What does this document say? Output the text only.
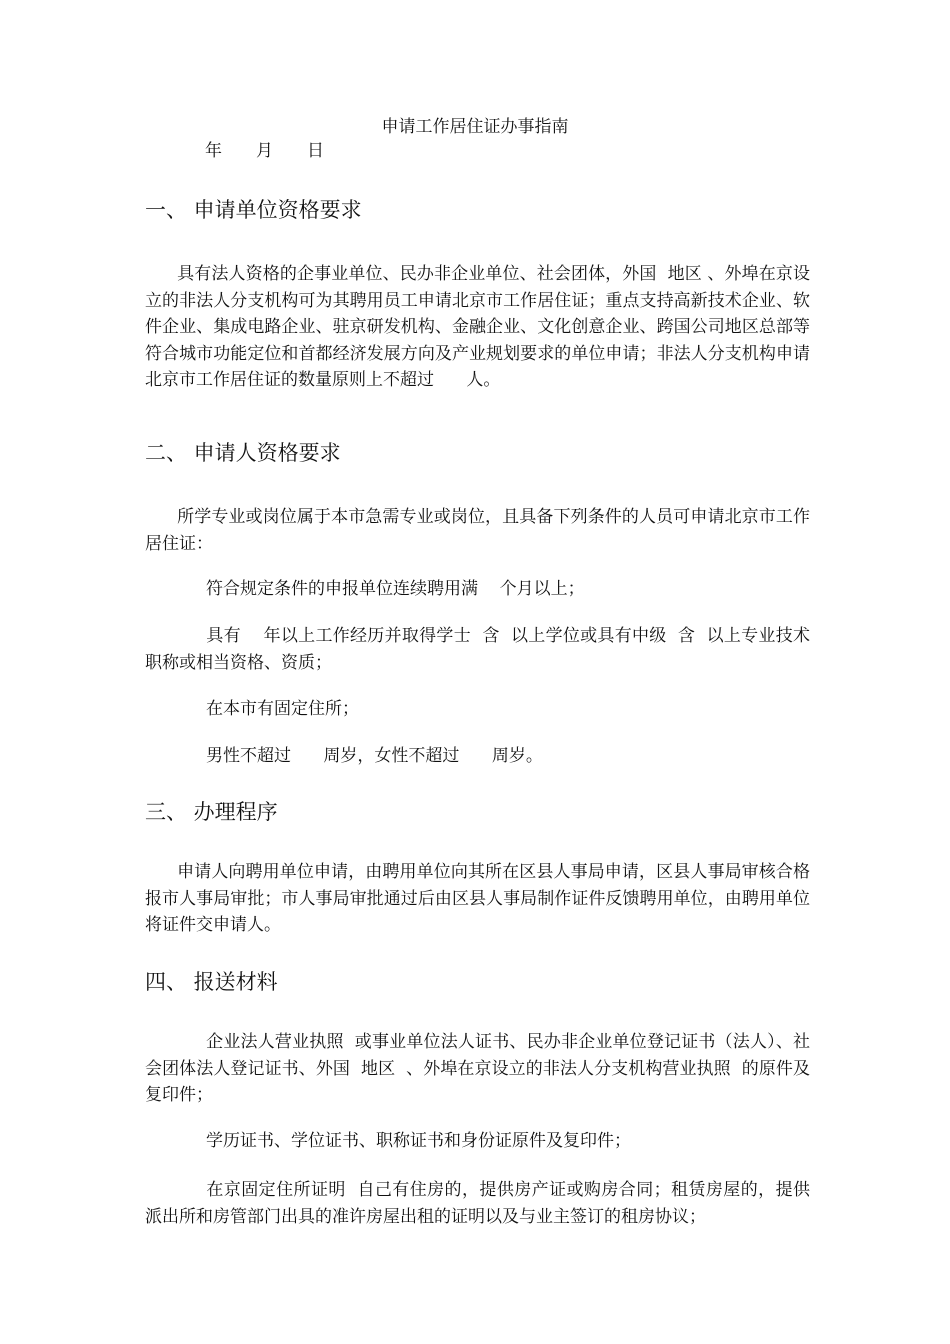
申请工作居住证办事指南
年　　月　　日
一、 申请单位资格要求
具有法人资格的企事业单位、民办非企业单位、社会团体，外国  地区 、外埠在京设立的非法人分支机构可为其聘用员工申请北京市工作居住证；重点支持高新技术企业、软件企业、集成电路企业、驻京研发机构、金融企业、文化创意企业、跨国公司地区总部等符合城市功能定位和首都经济发展方向及产业规划要求的单位申请；非法人分支机构申请北京市工作居住证的数量原则上不超过      人。
二、 申请人资格要求
所学专业或岗位属于本市急需专业或岗位，且具备下列条件的人员可申请北京市工作居住证：
符合规定条件的申报单位连续聘用满    个月以上；
具有    年以上工作经历并取得学士  含  以上学位或具有中级  含  以上专业技术职称或相当资格、资质；
在本市有固定住所；
男性不超过      周岁，女性不超过      周岁。
三、 办理程序
申请人向聘用单位申请，由聘用单位向其所在区县人事局申请，区县人事局审核合格报市人事局审批；市人事局审批通过后由区县人事局制作证件反馈聘用单位，由聘用单位将证件交申请人。
四、 报送材料
企业法人营业执照  或事业单位法人证书、民办非企业单位登记证书（法人）、社会团体法人登记证书、外国  地区  、外埠在京设立的非法人分支机构营业执照  的原件及复印件；
学历证书、学位证书、职称证书和身份证原件及复印件；
在京固定住所证明  自己有住房的，提供房产证或购房合同；租赁房屋的，提供派出所和房管部门出具的准许房屋出租的证明以及与业主签订的租房协议；
